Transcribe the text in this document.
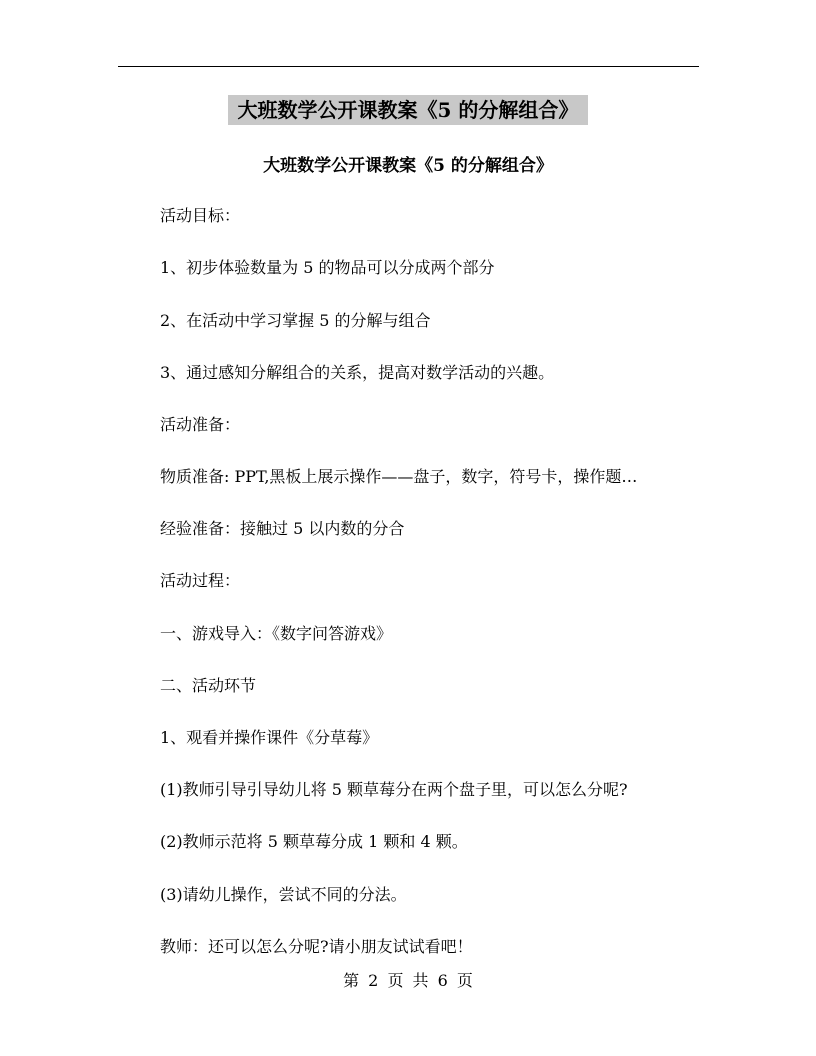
大班数学公开课教案《5 的分解组合》
大班数学公开课教案《5 的分解组合》

活动目标：

1、初步体验数量为 5 的物品可以分成两个部分

2、在活动中学习掌握 5 的分解与组合

3、通过感知分解组合的关系，提高对数学活动的兴趣。

活动准备：

物质准备: PPT,黑板上展示操作——盘子，数字，符号卡，操作题…

经验准备：接触过 5 以内数的分合

活动过程：

一、游戏导入：《数字问答游戏》

二、活动环节

1、观看并操作课件《分草莓》

(1)教师引导引导幼儿将 5 颗草莓分在两个盘子里，可以怎么分呢?

(2)教师示范将 5 颗草莓分成 1 颗和 4 颗。

(3)请幼儿操作，尝试不同的分法。

教师：还可以怎么分呢?请小朋友试试看吧！

第 2 页 共 6 页
